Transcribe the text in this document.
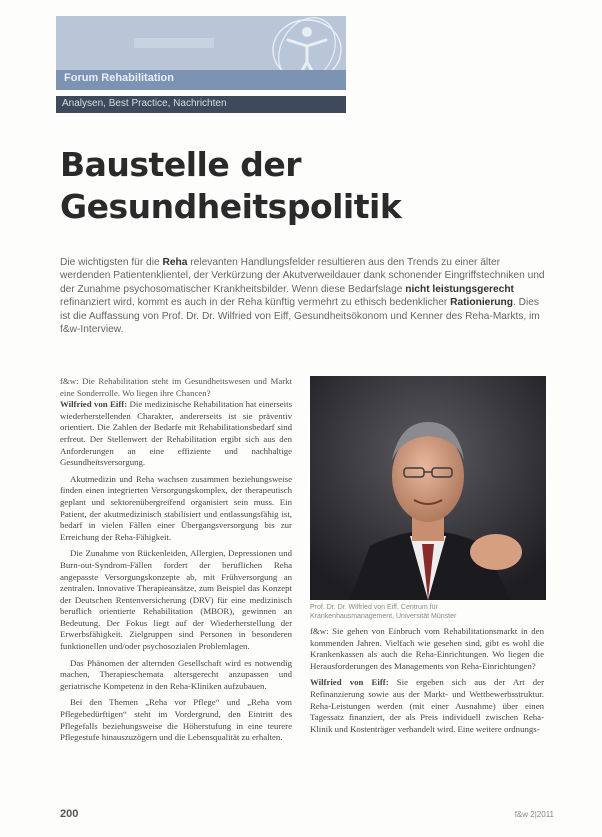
Forum Rehabilitation
Analysen, Best Practice, Nachrichten
Baustelle der Gesundheitspolitik
Die wichtigsten für die Reha relevanten Handlungsfelder resultieren aus den Trends zu einer älter werdenden Patientenklientel, der Verkürzung der Akutverweildauer dank schonender Eingriffstechniken und der Zunahme psychosomatischer Krankheitsbilder. Wenn diese Bedarfslage nicht leistungsgerecht refinanziert wird, kommt es auch in der Reha künftig vermehrt zu ethisch bedenklicher Rationierung. Dies ist die Auffassung von Prof. Dr. Dr. Wilfried von Eiff, Gesundheitsökonom und Kenner des Reha-Markts, im f&w-Interview.

f&w: Die Rehabilitation steht im Gesundheitswesen und Markt eine Sonderrolle. Wo liegen ihre Chancen?

Wilfried von Eiff: Die medizinische Rehabilitation hat einerseits wiederherstellenden Charakter, andererseits ist sie präventiv orientiert. Die Zahlen der Bedarfe mit Rehabilitationsbedarf sind erfreut. Der Stellenwert der Rehabilitation ergibt sich aus den Anforderungen an eine effiziente und nachhaltige Gesundheitsversorgung.

Akutmedizin und Reha wachsen zusammen beziehungsweise finden einen integrierten Versorgungskomplex, der therapeutisch geplant und sektorenübergreifend organisiert sein muss. Ein Patient, der akutmedizinisch stabilisiert und entlassungsfähig ist, bedarf in vielen Fällen einer Übergangsversorgung bis zur Erreichung der Reha-Fähigkeit.

Die Zunahme von Rückenleiden, Allergien, Depressionen und Burn-out-Syndrom-Fällen fordert der beruflichen Reha angepasste Versorgungskonzepte ab, mit Frühversorgung an zentralen. Innovative Therapieansätze, zum Beispiel das Konzept der Deutschen Rentenversicherung (DRV) für eine medizinisch beruflich orientierte Rehabilitation (MBOR), gewinnen an Bedeutung. Der Fokus liegt auf der Wiederherstellung der Erwerbsfähigkeit. Zielgruppen sind Personen in besonderen funktionellen und/oder psychosozialen Problemlagen.

Das Phänomen der alternden Gesellschaft wird es notwendig machen, Therapieschemata altersgerecht anzupassen und geriatrische Kompetenz in den Reha-Kliniken aufzubauen.

Bei den Themen „Reha vor Pflege“ und „Reha vom Pflegebedürftigen“ steht im Vordergrund, den Eintritt des Pflegefalls beziehungsweise die Höherstufung in eine teurere Pflegestufe hinauszuzögern und die Lebensqualität zu erhalten.

Prof. Dr. Dr. Wilfried von Eiff, Centrum für Krankenhausmanagement, Universität Münster

f&w: Sie gehen von Einbruch vom Rehabilitationsmarkt in den kommenden Jahren. Vielfach wie gesehen sind, gibt es wohl die Krankenkassen als auch die Reha-Einrichtungen. Wo liegen die Herausforderungen des Managements von Reha-Einrichtungen?

Wilfried von Eiff: Sie ergeben sich aus der Art der Refinanzierung sowie aus der Markt- und Wettbewerbsstruktur. Reha-Leistungen werden (mit einer Ausnahme) über einen Tagessatz finanziert, der als Preis individuell zwischen Reha-Klinik und Kostenträger verhandelt wird. Eine weitere ordnungs-

200	f&w 2|2011
